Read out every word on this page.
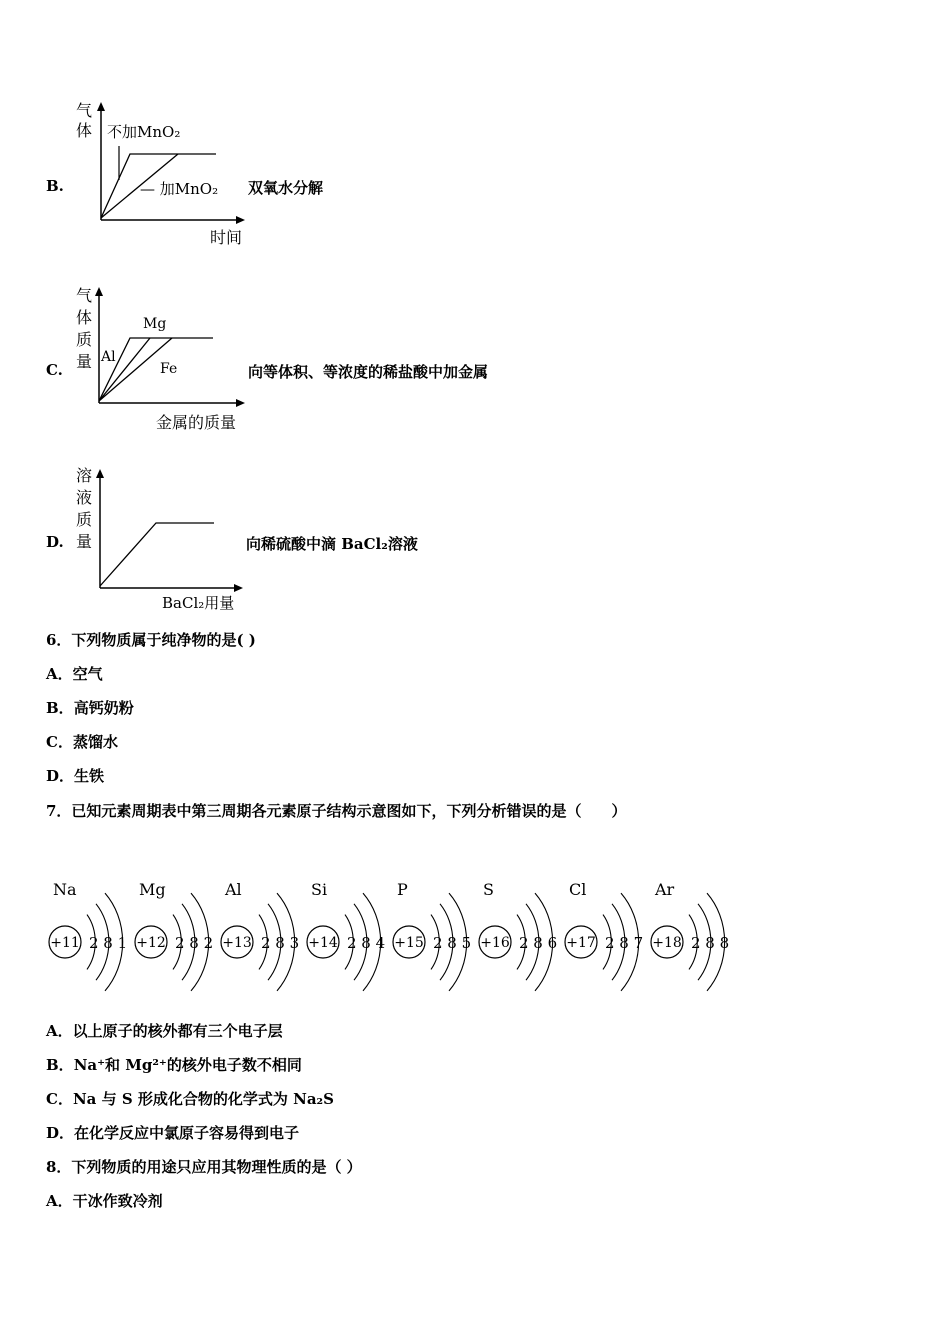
B.
气
体 不加MnO₂
— 加MnO₂
时间
双氧水分解
C.
气
体
质
量 Al
Mg
Fe
金属的质量
向等体积、等浓度的稀盐酸中加金属
D.
溶
液
质
量
BaCl₂用量
向稀硫酸中滴 BaCl₂溶液
6．下列物质属于纯净物的是( )
A．空气
B．高钙奶粉
C．蒸馏水
D．生铁
7．已知元素周期表中第三周期各元素原子结构示意图如下，下列分析错误的是（　　）
Na
+11 2 8 1
Mg
+12 2 8 2
Al
+13 2 8 3
Si
+14 2 8 4
P
+15 2 8 5
S
+16 2 8 6
Cl
+17 2 8 7
Ar
+18 2 8 8
A．以上原子的核外都有三个电子层
B．Na⁺和 Mg²⁺的核外电子数不相同
C．Na 与 S 形成化合物的化学式为 Na₂S
D．在化学反应中氯原子容易得到电子
8．下列物质的用途只应用其物理性质的是（ ）
A．干冰作致冷剂
